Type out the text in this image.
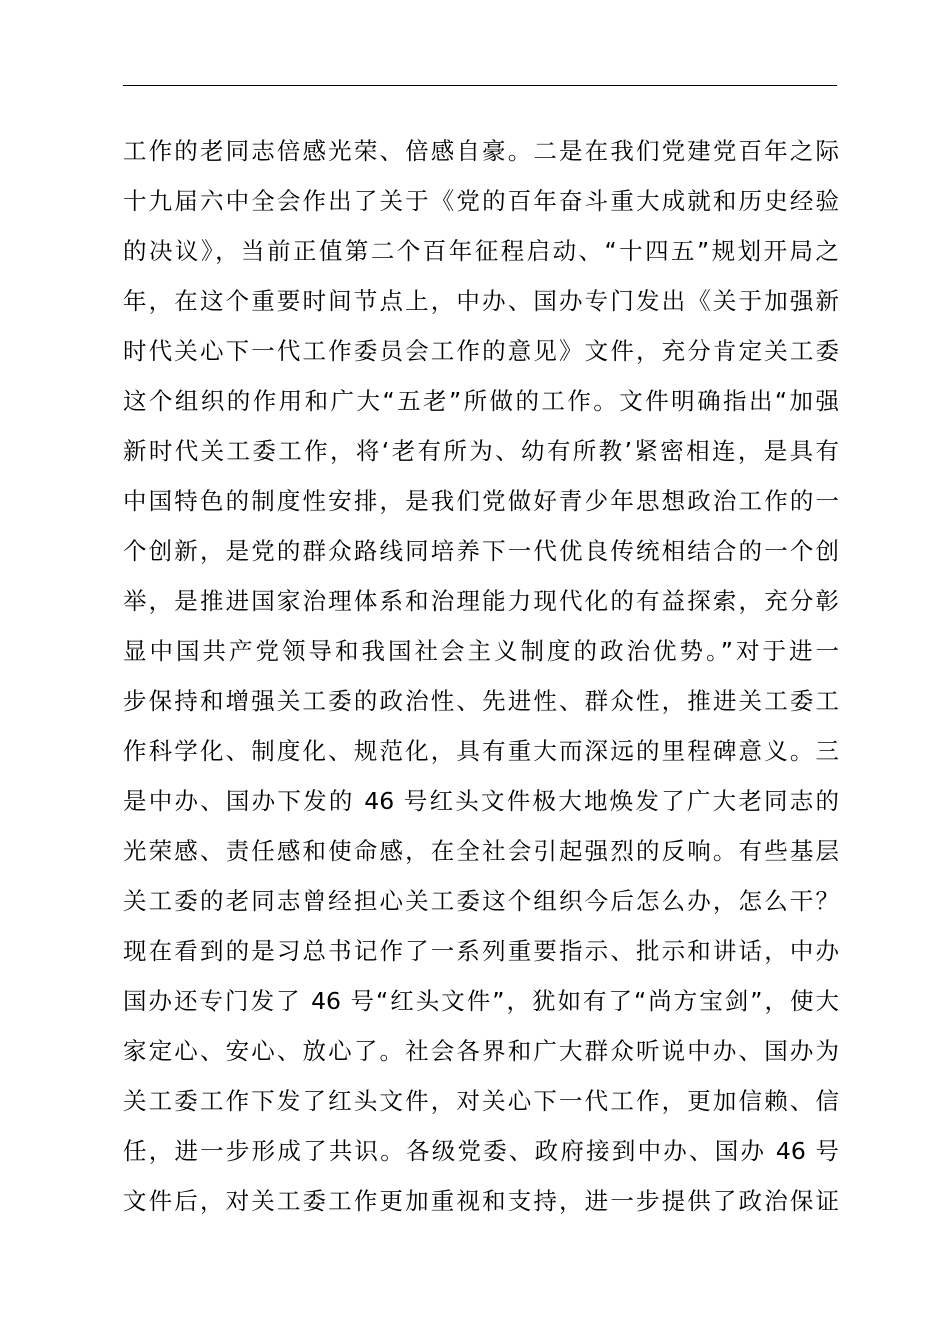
工作的老同志倍感光荣、倍感自豪。二是在我们党建党百年之际
十九届六中全会作出了关于《党的百年奋斗重大成就和历史经验
的决议》，当前正值第二个百年征程启动、“十四五”规划开局之
年，在这个重要时间节点上，中办、国办专门发出《关于加强新
时代关心下一代工作委员会工作的意见》文件，充分肯定关工委
这个组织的作用和广大“五老”所做的工作。文件明确指出“加强
新时代关工委工作，将‘老有所为、幼有所教’紧密相连，是具有
中国特色的制度性安排，是我们党做好青少年思想政治工作的一
个创新，是党的群众路线同培养下一代优良传统相结合的一个创
举，是推进国家治理体系和治理能力现代化的有益探索，充分彰
显中国共产党领导和我国社会主义制度的政治优势。”对于进一
步保持和增强关工委的政治性、先进性、群众性，推进关工委工
作科学化、制度化、规范化，具有重大而深远的里程碑意义。三
是中办、国办下发的 46 号红头文件极大地焕发了广大老同志的
光荣感、责任感和使命感，在全社会引起强烈的反响。有些基层
关工委的老同志曾经担心关工委这个组织今后怎么办，怎么干？
现在看到的是习总书记作了一系列重要指示、批示和讲话，中办
国办还专门发了 46 号“红头文件”，犹如有了“尚方宝剑”，使大
家定心、安心、放心了。社会各界和广大群众听说中办、国办为
关工委工作下发了红头文件，对关心下一代工作，更加信赖、信
任，进一步形成了共识。各级党委、政府接到中办、国办 46 号
文件后，对关工委工作更加重视和支持，进一步提供了政治保证
